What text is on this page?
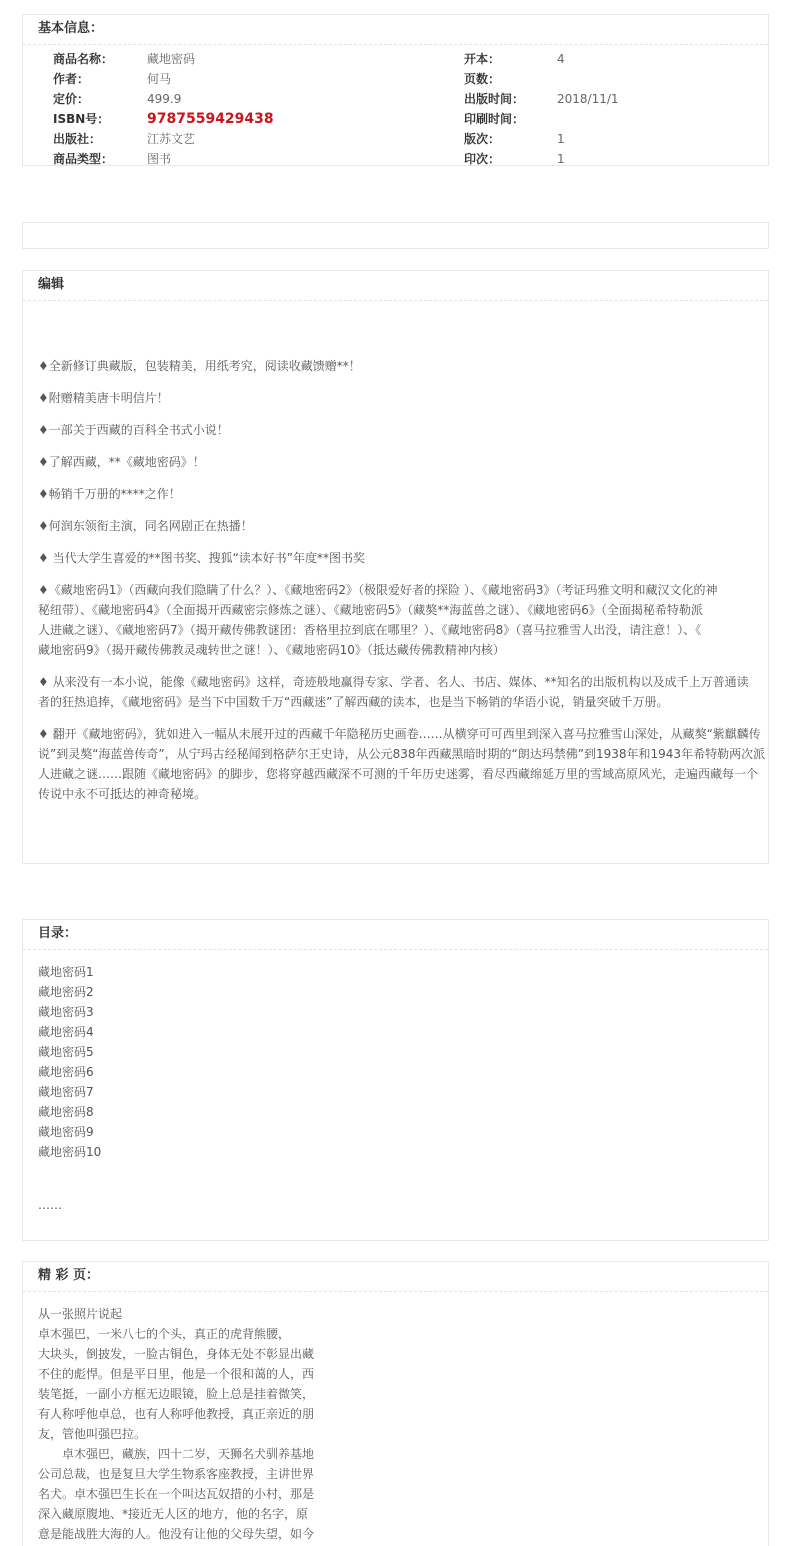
基本信息：
商品名称：	藏地密码	开本：	4
作者：	何马	页数：
定价：	499.9	出版时间：	2018/11/1
ISBN号：	9787559429438	印刷时间：
出版社：	江苏文艺	版次：	1
商品类型：	图书	印次：	1
编辑
♦全新修订典藏版，包装精美，用纸考究，阅读收藏馈赠**！
♦附赠精美唐卡明信片！
♦一部关于西藏的百科全书式小说！
♦了解西藏，**《藏地密码》！
♦畅销千万册的****之作！
♦何润东领衔主演，同名网剧正在热播！
♦ 当代大学生喜爱的**图书奖、搜狐“读本好书”年度**图书奖
♦《藏地密码1》（西藏向我们隐瞒了什么？）、《藏地密码2》（极限爱好者的探险 ）、《藏地密码3》（考证玛雅文明和藏汉文化的神
秘纽带）、《藏地密码4》（全面揭开西藏密宗修炼之谜）、《藏地密码5》（藏獒**海蓝兽之谜）、《藏地密码6》（全面揭秘希特勒派
人进藏之谜）、《藏地密码7》（揭开藏传佛教谜团：香格里拉到底在哪里？）、《藏地密码8》（喜马拉雅雪人出没，请注意！）、《
藏地密码9》（揭开藏传佛教灵魂转世之谜！）、《藏地密码10》（抵达藏传佛教精神内核）
♦ 从来没有一本小说，能像《藏地密码》这样，奇迹般地赢得专家、学者、名人、书店、媒体、**知名的出版机构以及成千上万普通读
者的狂热追捧，《藏地密码》是当下中国数千万“西藏迷”了解西藏的读本，也是当下畅销的华语小说，销量突破千万册。
♦ 翻开《藏地密码》，犹如进入一幅从未展开过的西藏千年隐秘历史画卷……从横穿可可西里到深入喜马拉雅雪山深处，从藏獒“紫麒麟传
说”到灵獒“海蓝兽传奇”，从宁玛古经秘闻到格萨尔王史诗，从公元838年西藏黑暗时期的“朗达玛禁佛”到1938年和1943年希特勒两次派
人进藏之谜……跟随《藏地密码》的脚步，您将穿越西藏深不可测的千年历史迷雾，看尽西藏绵延万里的雪域高原风光，走遍西藏每一个
传说中永不可抵达的神奇秘境。
目录：
藏地密码1
藏地密码2
藏地密码3
藏地密码4
藏地密码5
藏地密码6
藏地密码7
藏地密码8
藏地密码9
藏地密码10
……
精 彩 页：
从一张照片说起
卓木强巴，一米八七的个头，真正的虎背熊腰，
大块头，倒披发，一脸古铜色，身体无处不彰显出藏
不住的彪悍。但是平日里，他是一个很和蔼的人，西
装笔挺，一副小方框无边眼镜，脸上总是挂着微笑，
有人称呼他卓总，也有人称呼他教授，真正亲近的朋
友，管他叫强巴拉。
　　卓木强巴，藏族，四十二岁，天狮名犬驯养基地
公司总裁，也是复旦大学生物系客座教授，主讲世界
名犬。卓木强巴生长在一个叫达瓦奴措的小村，那是
深入藏原腹地、*接近无人区的地方，他的名字，原
意是能战胜大海的人。他没有让他的父母失望，如今
